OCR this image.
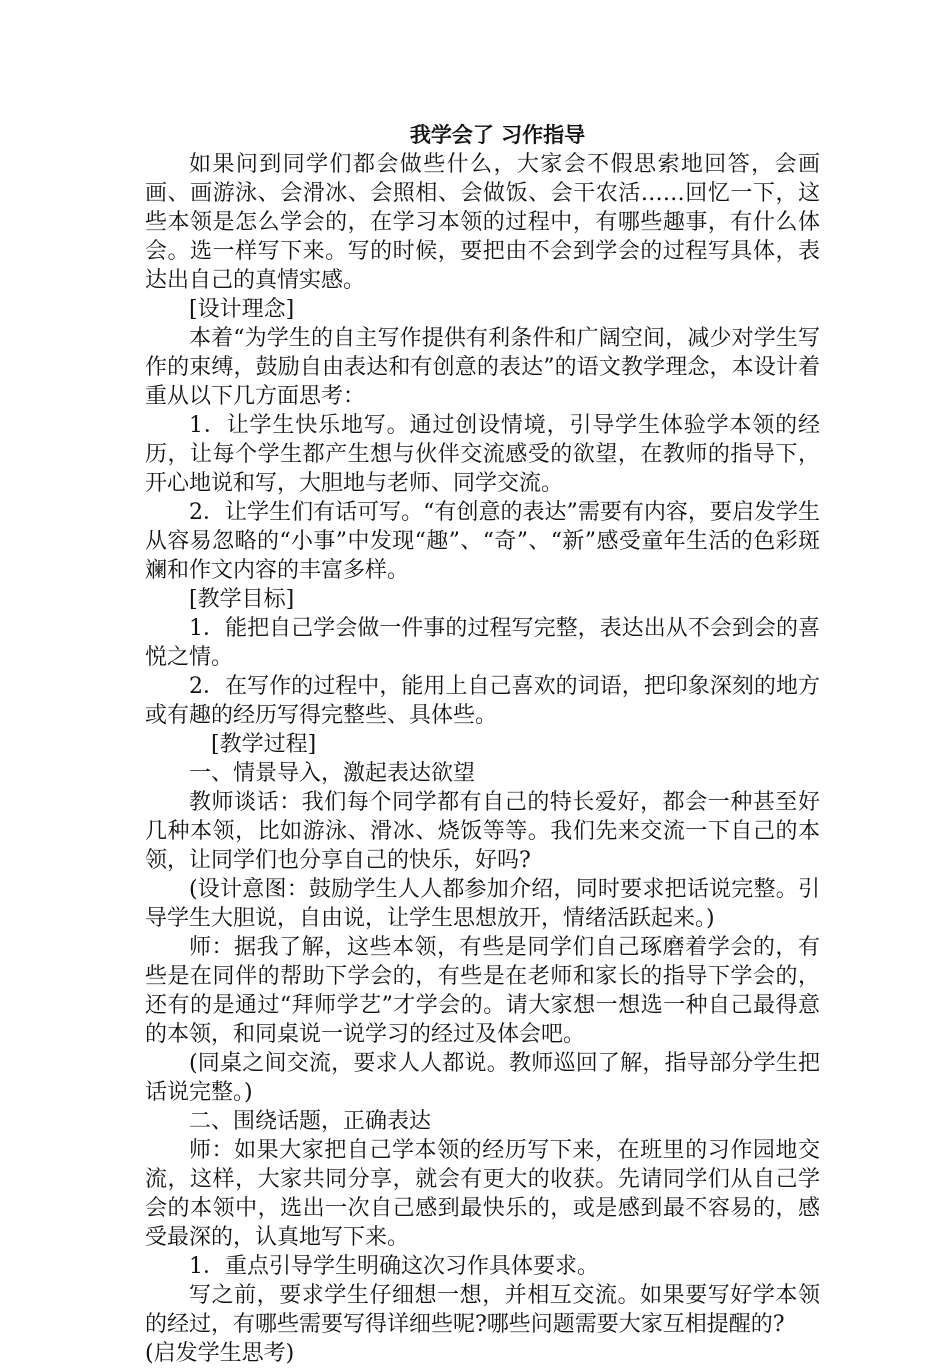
我学会了 习作指导

如果问到同学们都会做些什么，大家会不假思索地回答，会画画、画游泳、会滑冰、会照相、会做饭、会干农活……回忆一下，这些本领是怎么学会的，在学习本领的过程中，有哪些趣事，有什么体会。选一样写下来。写的时候，要把由不会到学会的过程写具体，表达出自己的真情实感。

[设计理念]

本着“为学生的自主写作提供有利条件和广阔空间，减少对学生写作的束缚，鼓励自由表达和有创意的表达”的语文教学理念，本设计着重从以下几方面思考：

1．让学生快乐地写。通过创设情境，引导学生体验学本领的经历，让每个学生都产生想与伙伴交流感受的欲望，在教师的指导下，开心地说和写，大胆地与老师、同学交流。

2．让学生们有话可写。“有创意的表达”需要有内容，要启发学生从容易忽略的“小事”中发现“趣”、“奇”、“新”感受童年生活的色彩斑斓和作文内容的丰富多样。

[教学目标]

1．能把自己学会做一件事的过程写完整，表达出从不会到会的喜悦之情。

2．在写作的过程中，能用上自己喜欢的词语，把印象深刻的地方或有趣的经历写得完整些、具体些。

[教学过程]

一、情景导入，激起表达欲望

教师谈话：我们每个同学都有自己的特长爱好，都会一种甚至好几种本领，比如游泳、滑冰、烧饭等等。我们先来交流一下自己的本领，让同学们也分享自己的快乐，好吗?

(设计意图：鼓励学生人人都参加介绍，同时要求把话说完整。引导学生大胆说，自由说，让学生思想放开，情绪活跃起来。)

师：据我了解，这些本领，有些是同学们自己琢磨着学会的，有些是在同伴的帮助下学会的，有些是在老师和家长的指导下学会的，还有的是通过“拜师学艺”才学会的。请大家想一想选一种自己最得意的本领，和同桌说一说学习的经过及体会吧。

(同桌之间交流，要求人人都说。教师巡回了解，指导部分学生把话说完整。)

二、围绕话题，正确表达

师：如果大家把自己学本领的经历写下来，在班里的习作园地交流，这样，大家共同分享，就会有更大的收获。先请同学们从自己学会的本领中，选出一次自己感到最快乐的，或是感到最不容易的，感受最深的，认真地写下来。

1．重点引导学生明确这次习作具体要求。

写之前，要求学生仔细想一想，并相互交流。如果要写好学本领的经过，有哪些需要写得详细些呢?哪些问题需要大家互相提醒的?

(启发学生思考)
